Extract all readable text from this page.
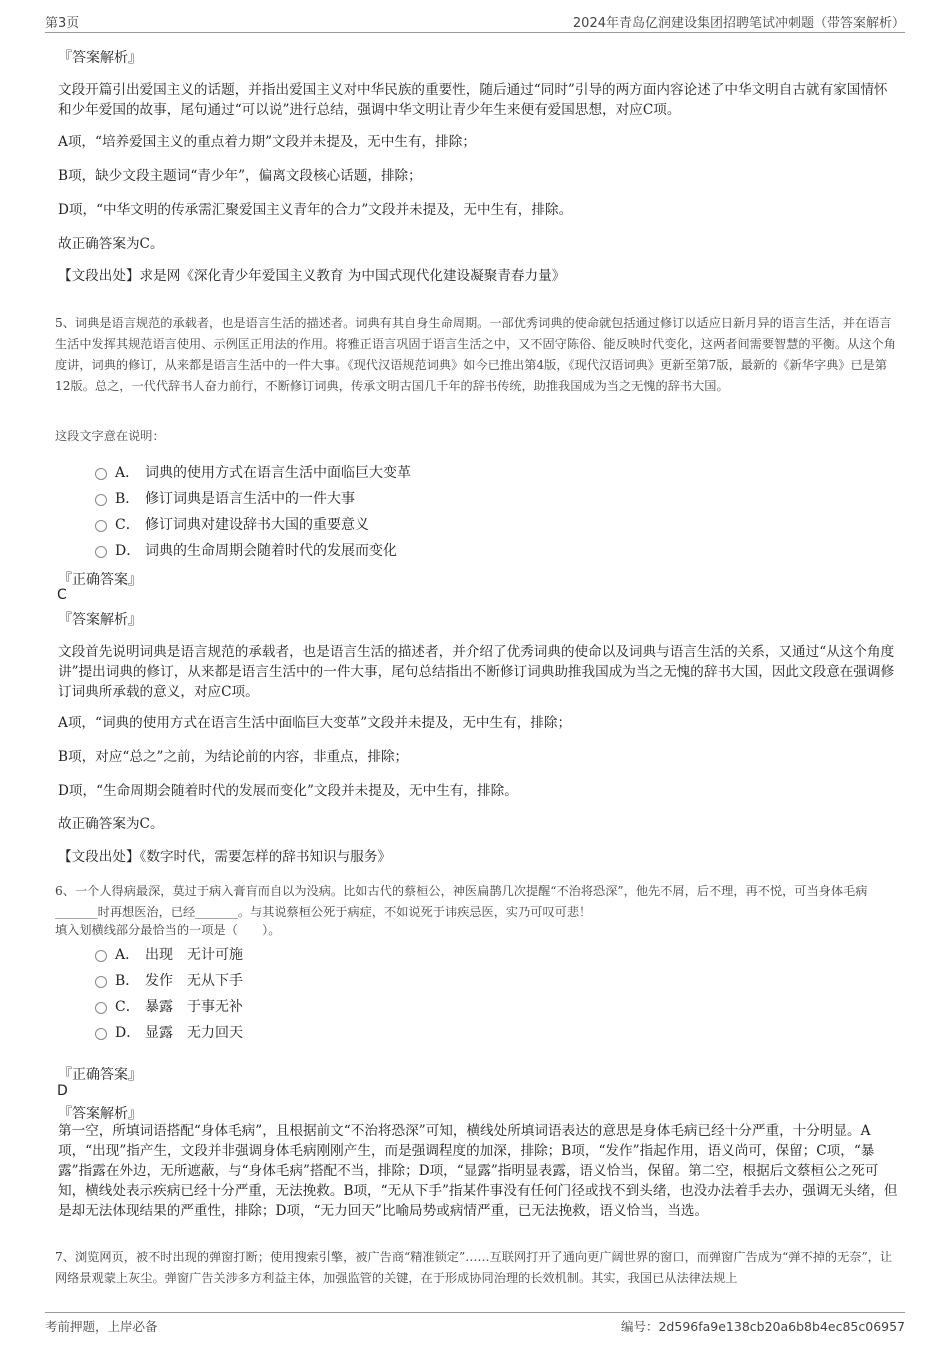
第3页	2024年青岛亿润建设集团招聘笔试冲刺题（带答案解析）
『答案解析』

文段开篇引出爱国主义的话题，并指出爱国主义对中华民族的重要性，随后通过“同时”引导的两方面内容论述了中华文明自古就有家国情怀和少年爱国的故事，尾句通过“可以说”进行总结，强调中华文明让青少年生来便有爱国思想，对应C项。

A项，“培养爱国主义的重点着力期”文段并未提及，无中生有，排除；
B项，缺少文段主题词“青少年”，偏离文段核心话题，排除；
D项，“中华文明的传承需汇聚爱国主义青年的合力”文段并未提及，无中生有，排除。
故正确答案为C。
【文段出处】求是网《深化青少年爱国主义教育 为中国式现代化建设凝聚青春力量》

5、词典是语言规范的承载者，也是语言生活的描述者。词典有其自身生命周期。一部优秀词典的使命就包括通过修订以适应日新月异的语言生活，并在语言生活中发挥其规范语言使用、示例匡正用法的作用。将雅正语言巩固于语言生活之中，又不固守陈俗、能反映时代变化，这两者间需要智慧的平衡。从这个角度讲，词典的修订，从来都是语言生活中的一件大事。《现代汉语规范词典》如今已推出第4版，《现代汉语词典》更新至第7版，最新的《新华字典》已是第12版。总之，一代代辞书人奋力前行，不断修订词典，传承文明古国几千年的辞书传统，助推我国成为当之无愧的辞书大国。

这段文字意在说明：
A． 词典的使用方式在语言生活中面临巨大变革
B． 修订词典是语言生活中的一件大事
C． 修订词典对建设辞书大国的重要意义
D． 词典的生命周期会随着时代的发展而变化
『正确答案』
C
『答案解析』

文段首先说明词典是语言规范的承载者，也是语言生活的描述者，并介绍了优秀词典的使命以及词典与语言生活的关系，又通过“从这个角度讲”提出词典的修订，从来都是语言生活中的一件大事，尾句总结指出不断修订词典助推我国成为当之无愧的辞书大国，因此文段意在强调修订词典所承载的意义，对应C项。

A项，“词典的使用方式在语言生活中面临巨大变革”文段并未提及，无中生有，排除；
B项，对应“总之”之前，为结论前的内容，非重点，排除；
D项，“生命周期会随着时代的发展而变化”文段并未提及，无中生有，排除。
故正确答案为C。
【文段出处】《数字时代，需要怎样的辞书知识与服务》

6、一个人得病最深，莫过于病入膏肓而自以为没病。比如古代的蔡桓公，神医扁鹊几次提醒“不治将恐深”，他先不屑，后不理，再不悦，可当身体毛病_______时再想医治，已经_______。与其说蔡桓公死于病症，不如说死于讳疾忌医，实乃可叹可悲！

填入划横线部分最恰当的一项是（　　）。
A． 出现　无计可施
B． 发作　无从下手
C． 暴露　于事无补
D． 显露　无力回天
『正确答案』
D
『答案解析』

第一空，所填词语搭配“身体毛病”，且根据前文“不治将恐深”可知，横线处所填词语表达的意思是身体毛病已经十分严重，十分明显。A项，“出现”指产生，文段并非强调身体毛病刚刚产生，而是强调程度的加深，排除；B项，“发作”指起作用，语义尚可，保留；C项，“暴露”指露在外边，无所遮蔽，与“身体毛病”搭配不当，排除；D项，“显露”指明显表露，语义恰当，保留。第二空，根据后文蔡桓公之死可知，横线处表示疾病已经十分严重，无法挽救。B项，“无从下手”指某件事没有任何门径或找不到头绪，也没办法着手去办，强调无头绪，但是却无法体现结果的严重性，排除；D项，“无力回天”比喻局势或病情严重，已无法挽救，语义恰当，当选。

7、浏览网页，被不时出现的弹窗打断；使用搜索引擎，被广告商“精准锁定”……互联网打开了通向更广阔世界的窗口，而弹窗广告成为“弹不掉的无奈”，让网络景观蒙上灰尘。弹窗广告关涉多方利益主体，加强监管的关键，在于形成协同治理的长效机制。其实，我国已从法律法规上

考前押题，上岸必备	编号：2d596fa9e138cb20a6b8b4ec85c06957
